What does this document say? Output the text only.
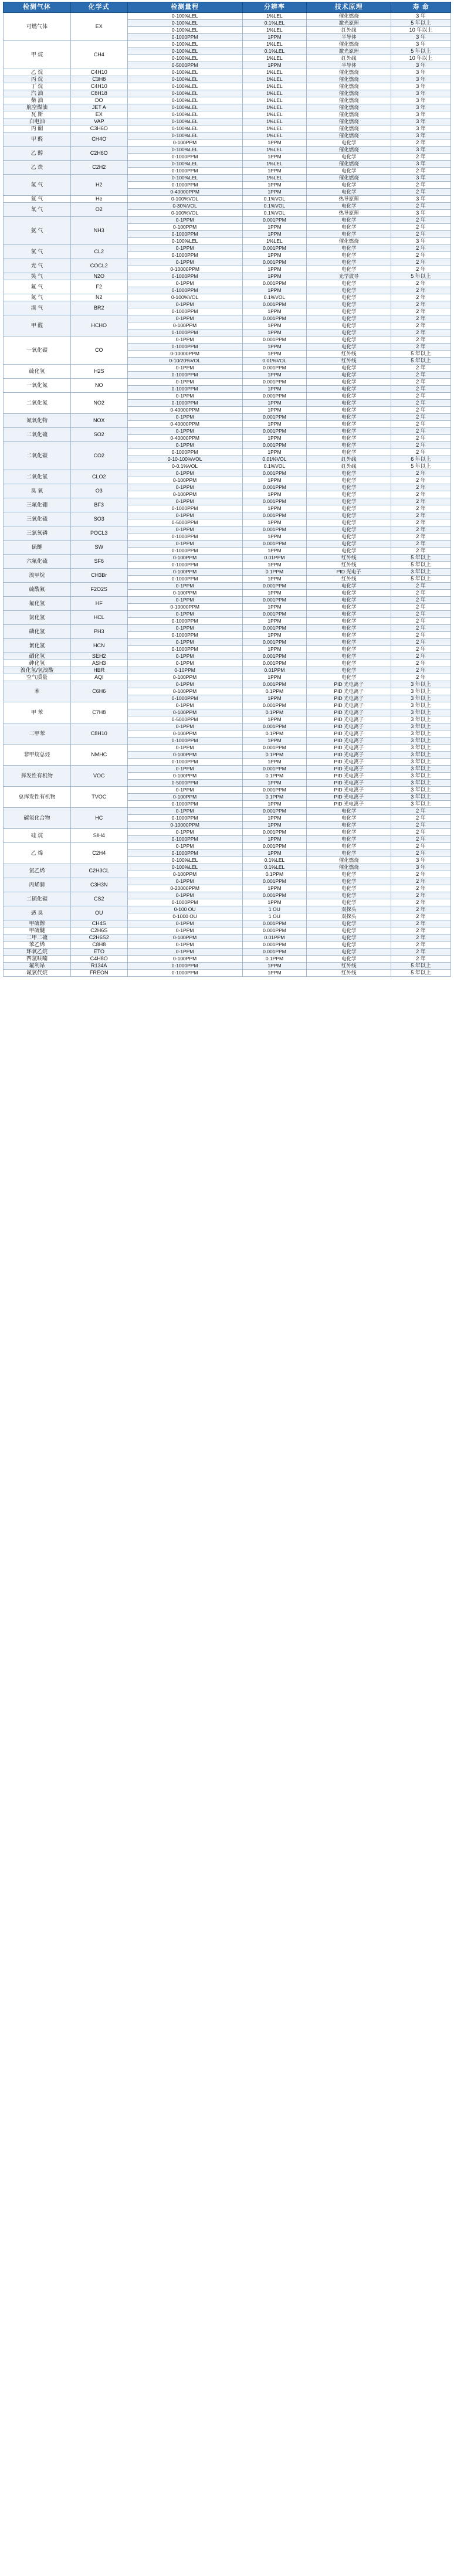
检测气体	化学式	检测量程	分辨率	技术原理	寿 命
可燃气体	EX	0-100%LEL	1%LEL	催化燃烧	3 年
		0-100%LEL	0.1%LEL	激光原理	5 年以上
		0-100%LEL	1%LEL	红外线	10 年以上
		0-1000PPM	1PPM	半导体	3 年
甲 烷	CH4	0-100%LEL	1%LEL	催化燃烧	3 年
		0-100%LEL	0.1%LEL	激光原理	5 年以上
		0-100%LEL	1%LEL	红外线	10 年以上
		0-5000PPM	1PPM	半导体	3 年
乙 烷	C4H10	0-100%LEL	1%LEL	催化燃烧	3 年
丙 烷	C3H8	0-100%LEL	1%LEL	催化燃烧	3 年
丁 烷	C4H10	0-100%LEL	1%LEL	催化燃烧	3 年
汽 油	C8H18	0-100%LEL	1%LEL	催化燃烧	3 年
柴 油	DO	0-100%LEL	1%LEL	催化燃烧	3 年
航空煤油	JET A	0-100%LEL	1%LEL	催化燃烧	3 年
瓦 斯	EX	0-100%LEL	1%LEL	催化燃烧	3 年
白电油	VAP	0-100%LEL	1%LEL	催化燃烧	3 年
丙 酮	C3H6O	0-100%LEL	1%LEL	催化燃烧	3 年
甲 醛	CH4O	0-100%LEL	1%LEL	催化燃烧	3 年
		0-100PPM	1PPM	电化学	2 年
乙 醇	C2H6O	0-100%LEL	1%LEL	催化燃烧	3 年
		0-1000PPM	1PPM	电化学	2 年
乙 炔	C2H2	0-100%LEL	1%LEL	催化燃烧	3 年
		0-1000PPM	1PPM	电化学	2 年
氢 气	H2	0-100%LEL	1%LEL	催化燃烧	3 年
		0-1000PPM	1PPM	电化学	2 年
		0-40000PPM	1PPM	电化学	2 年
氦 气	He	0-100%VOL	0.1%VOL	热导原理	3 年
氧 气	O2	0-30%VOL	0.1%VOL	电化学	2 年
		0-100%VOL	0.1%VOL	热导原理	3 年
氨 气	NH3	0-1PPM	0.001PPM	电化学	2 年
		0-100PPM	1PPM	电化学	2 年
		0-1000PPM	1PPM	电化学	2 年
		0-100%LEL	1%LEL	催化燃烧	3 年
氯 气	CL2	0-1PPM	0.001PPM	电化学	2 年
		0-1000PPM	1PPM	电化学	2 年
光 气	COCL2	0-1PPM	0.001PPM	电化学	2 年
		0-10000PPM	1PPM	电化学	2 年
笑 气	N2O	0-1000PPM	1PPM	光学波导	5 年以上
氟 气	F2	0-1PPM	0.001PPM	电化学	2 年
		0-1000PPM	1PPM	电化学	2 年
氮 气	N2	0-100%VOL	0.1%VOL	电化学	2 年
溴 气	BR2	0-1PPM	0.001PPM	电化学	2 年
		0-1000PPM	1PPM	电化学	2 年
甲 醛	HCHO	0-1PPM	0.001PPM	电化学	2 年
		0-100PPM	1PPM	电化学	2 年
		0-1000PPM	1PPM	电化学	2 年
一氧化碳	CO	0-1PPM	0.001PPM	电化学	2 年
		0-1000PPM	1PPM	电化学	2 年
		0-10000PPM	1PPM	红外线	5 年以上
		0-10/20%VOL	0.01%VOL	红外线	5 年以上
硫化氢	H2S	0-1PPM	0.001PPM	电化学	2 年
		0-1000PPM	1PPM	电化学	2 年
一氧化氮	NO	0-1PPM	0.001PPM	电化学	2 年
		0-1000PPM	1PPM	电化学	2 年
二氧化氮	NO2	0-1PPM	0.001PPM	电化学	2 年
		0-1000PPM	1PPM	电化学	2 年
		0-40000PPM	1PPM	电化学	2 年
氮氧化物	NOX	0-1PPM	0.001PPM	电化学	2 年
		0-40000PPM	1PPM	电化学	2 年
二氧化硫	SO2	0-1PPM	0.001PPM	电化学	2 年
		0-40000PPM	1PPM	电化学	2 年
二氧化碳	CO2	0-1PPM	0.001PPM	电化学	2 年
		0-1000PPM	1PPM	电化学	2 年
		0-10-100%VOL	0.01%VOL	红外线	6 年以上
		0-0.1%VOL	0.1%VOL	红外线	5 年以上
二氧化氯	CLO2	0-1PPM	0.001PPM	电化学	2 年
		0-100PPM	1PPM	电化学	2 年
臭 氧	O3	0-1PPM	0.001PPM	电化学	2 年
		0-100PPM	1PPM	电化学	2 年
三氟化硼	BF3	0-1PPM	0.001PPM	电化学	2 年
		0-1000PPM	1PPM	电化学	2 年
三氧化硫	SO3	0-1PPM	0.001PPM	电化学	2 年
		0-5000PPM	1PPM	电化学	2 年
三氯氧磷	POCL3	0-1PPM	0.001PPM	电化学	2 年
		0-1000PPM	1PPM	电化学	2 年
硫醚	SW	0-1PPM	0.001PPM	电化学	2 年
		0-1000PPM	1PPM	电化学	2 年
六氟化硫	SF6	0-100PPM	0.01PPM	红外线	5 年以上
		0-1000PPM	1PPM	红外线	5 年以上
溴甲烷	CH3Br	0-100PPM	0.1PPM	PID 光电子	3 年以上
		0-1000PPM	1PPM	红外线	5 年以上
硫酰氟	F2O2S	0-1PPM	0.001PPM	电化学	2 年
		0-100PPM	1PPM	电化学	2 年
氟化氢	HF	0-1PPM	0.001PPM	电化学	2 年
		0-10000PPM	1PPM	电化学	2 年
氯化氢	HCL	0-1PPM	0.001PPM	电化学	2 年
		0-1000PPM	1PPM	电化学	2 年
磷化氢	PH3	0-1PPM	0.001PPM	电化学	2 年
		0-1000PPM	1PPM	电化学	2 年
氰化氢	HCN	0-1PPM	0.001PPM	电化学	2 年
		0-1000PPM	1PPM	电化学	2 年
硒化氢	SEH2	0-1PPM	0.001PPM	电化学	2 年
砷化氢	ASH3	0-1PPM	0.001PPM	电化学	2 年
溴化氢/氢溴酸	HBR	0-10PPM	0.01PPM	电化学	2 年
空气质量	AQI	0-100PPM	1PPM	电化学	2 年
苯	C6H6	0-1PPM	0.001PPM	PID 光电离子	3 年以上
		0-100PPM	0.1PPM	PID 光电离子	3 年以上
		0-1000PPM	1PPM	PID 光电离子	3 年以上
甲 苯	C7H8	0-1PPM	0.001PPM	PID 光电离子	3 年以上
		0-100PPM	0.1PPM	PID 光电离子	3 年以上
		0-5000PPM	1PPM	PID 光电离子	3 年以上
二甲苯	C8H10	0-1PPM	0.001PPM	PID 光电离子	3 年以上
		0-100PPM	0.1PPM	PID 光电离子	3 年以上
		0-1000PPM	1PPM	PID 光电离子	3 年以上
非甲烷总烃	NMHC	0-1PPM	0.001PPM	PID 光电离子	3 年以上
		0-100PPM	0.1PPM	PID 光电离子	3 年以上
		0-1000PPM	1PPM	PID 光电离子	3 年以上
挥发性有机物	VOC	0-1PPM	0.001PPM	PID 光电离子	3 年以上
		0-100PPM	0.1PPM	PID 光电离子	3 年以上
		0-5000PPM	1PPM	PID 光电离子	3 年以上
总挥发性有机物	TVOC	0-1PPM	0.001PPM	PID 光电离子	3 年以上
		0-100PPM	0.1PPM	PID 光电离子	3 年以上
		0-1000PPM	1PPM	PID 光电离子	3 年以上
碳氢化合物	HC	0-1PPM	0.001PPM	电化学	2 年
		0-1000PPM	1PPM	电化学	2 年
		0-10000PPM	1PPM	电化学	2 年
硅 烷	SIH4	0-1PPM	0.001PPM	电化学	2 年
		0-1000PPM	1PPM	电化学	2 年
乙 烯	C2H4	0-1PPM	0.001PPM	电化学	2 年
		0-1000PPM	1PPM	电化学	2 年
		0-100%LEL	0.1%LEL	催化燃烧	3 年
氯乙烯	C2H3CL	0-100%LEL	0.1%LEL	催化燃烧	3 年
		0-100PPM	0.1PPM	电化学	2 年
丙烯腈	C3H3N	0-1PPM	0.001PPM	电化学	2 年
		0-20000PPM	1PPM	电化学	2 年
二硫化碳	CS2	0-1PPM	0.001PPM	电化学	2 年
		0-1000PPM	1PPM	电化学	2 年
恶 臭	OU	0-100 OU	1 OU	双探头	2 年
		0-1000 OU	1 OU	双探头	2 年
甲硫醇	CH4S	0-1PPM	0.001PPM	电化学	2 年
甲硫醚	C2H6S	0-1PPM	0.001PPM	电化学	2 年
二甲二硫	C2H6S2	0-100PPM	0.01PPM	电化学	2 年
苯乙烯	C8H8	0-1PPM	0.001PPM	电化学	2 年
环氧乙烷	ETO	0-1PPM	0.001PPM	电化学	2 年
四氢呋喃	C4H8O	0-100PPM	0.1PPM	电化学	2 年
氟利昂	R134A	0-1000PPM	1PPM	红外线	5 年以上
氟氯代烷	FREON	0-1000PPM	1PPM	红外线	5 年以上
